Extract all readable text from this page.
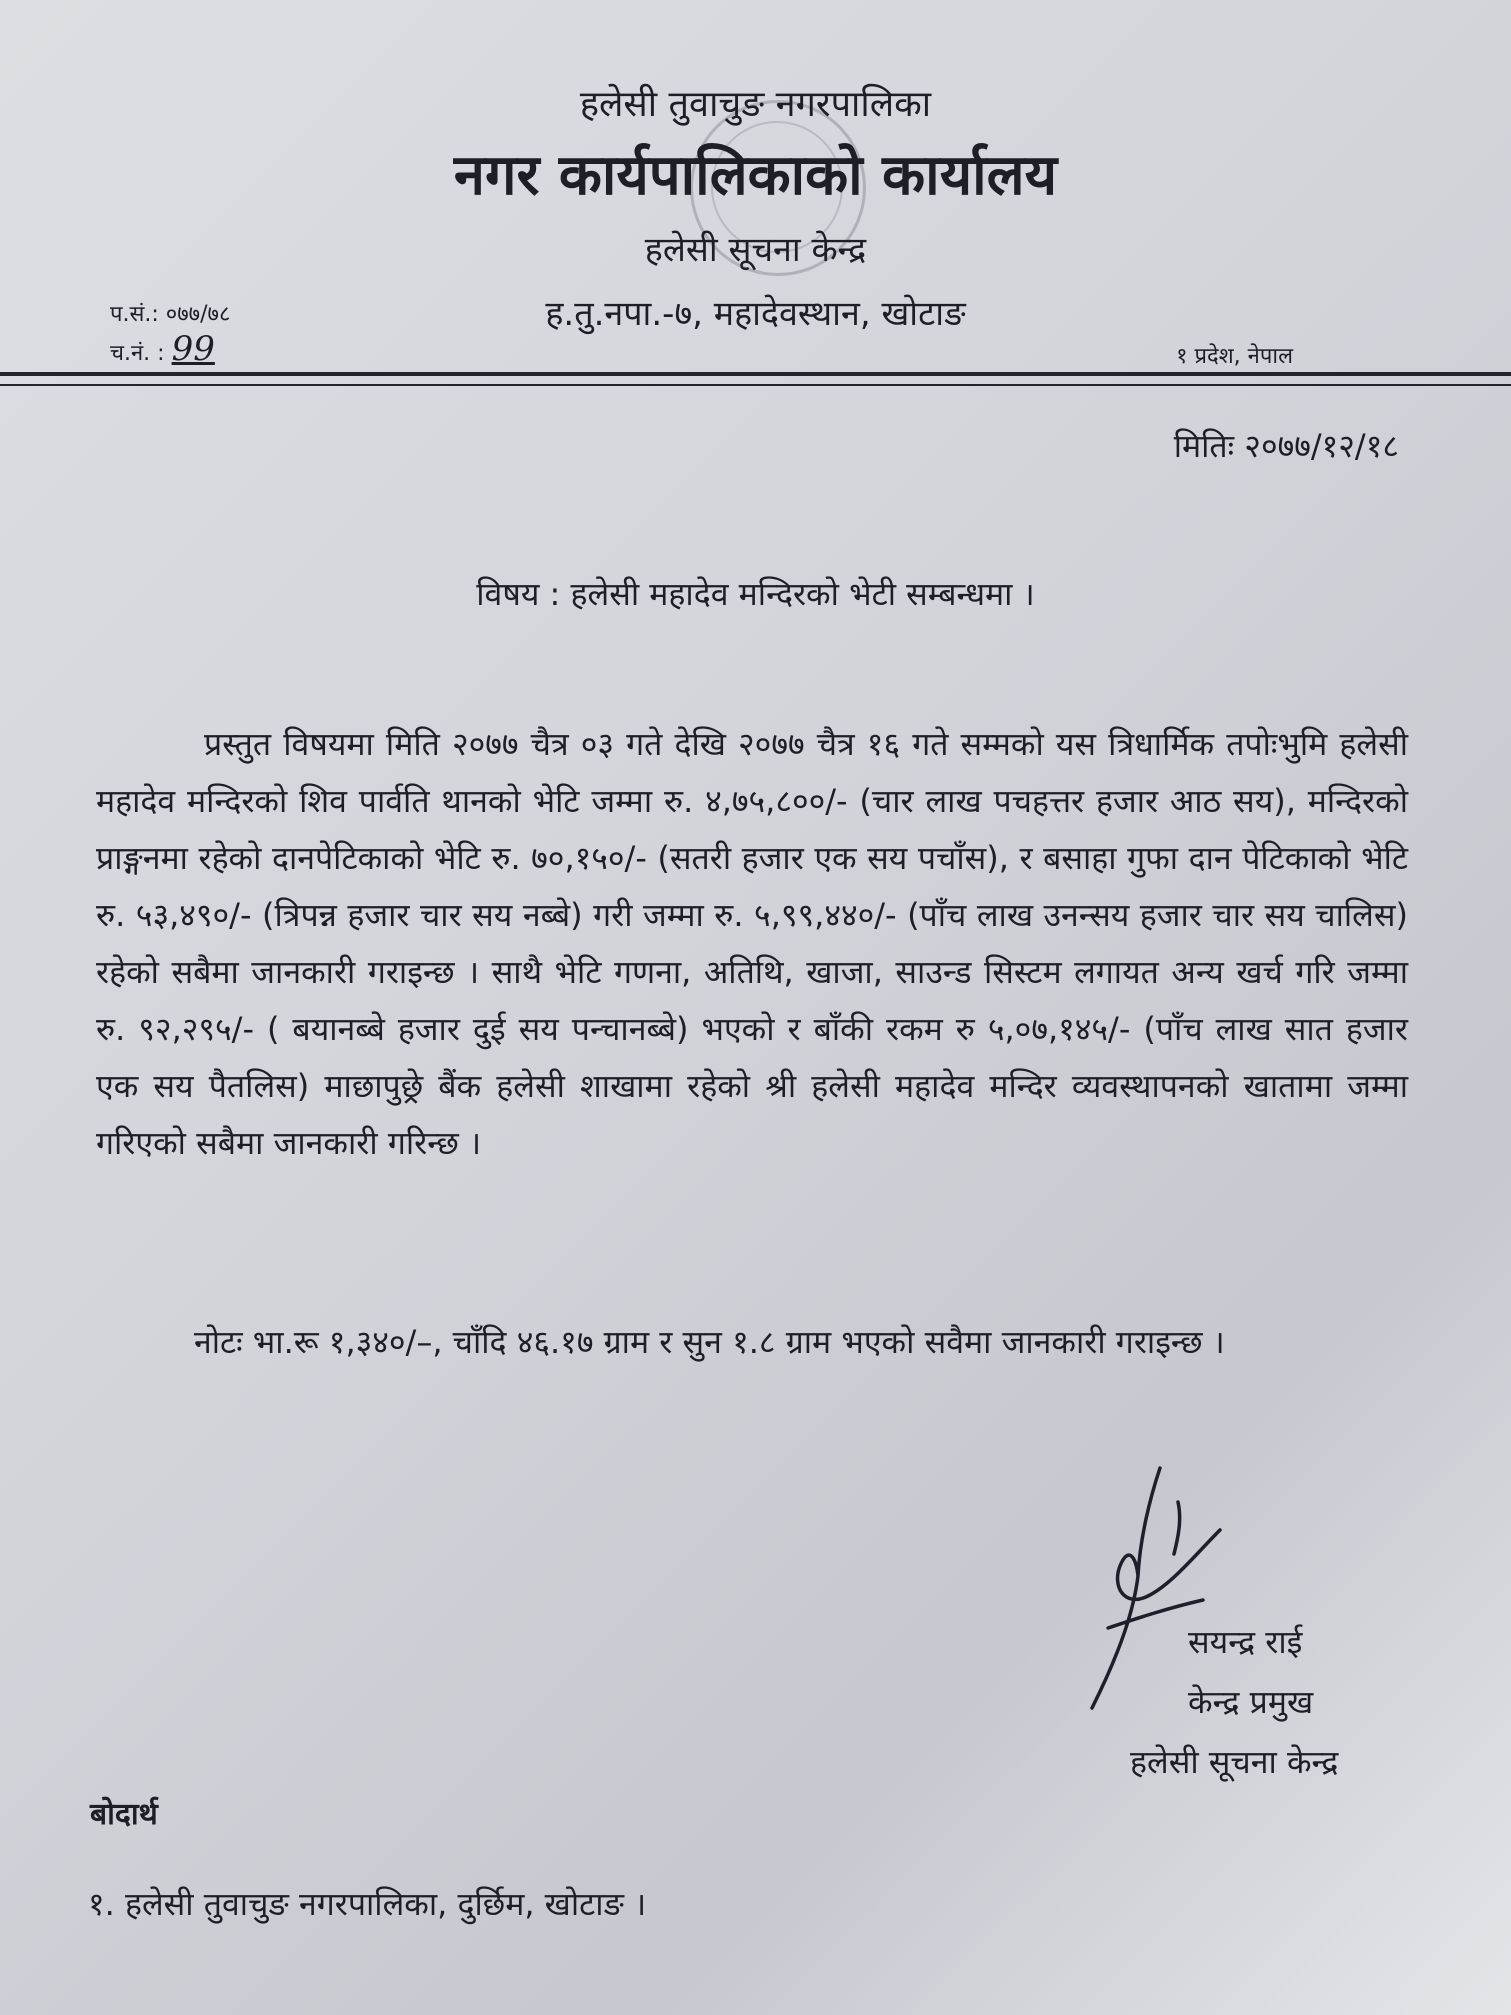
हलेसी तुवाचुङ नगरपालिका
नगर कार्यपालिकाको कार्यालय
हलेसी सूचना केन्द्र
ह.तु.नपा.-७, महादेवस्थान, खोटाङ
प.सं.: ०७७/७८
च.नं. : 99	१ प्रदेश, नेपाल
मितिः २०७७/१२/१८
विषय : हलेसी महादेव मन्दिरको भेटी सम्बन्धमा ।

प्रस्तुत विषयमा मिति २०७७ चैत्र ०३ गते देखि २०७७ चैत्र १६ गते सम्मको यस त्रिधार्मिक तपोःभुमि हलेसी महादेव मन्दिरको शिव पार्वति थानको भेटि जम्मा रु. ४,७५,८००/- (चार लाख पचहत्तर हजार आठ सय), मन्दिरको प्राङ्गनमा रहेको दानपेटिकाको भेटि रु. ७०,१५०/- (सतरी हजार एक सय पचाँस), र बसाहा गुफा दान पेटिकाको भेटि रु. ५३,४९०/- (त्रिपन्न हजार चार सय नब्बे) गरी जम्मा रु. ५,९९,४४०/- (पाँच लाख उनन्सय हजार चार सय चालिस) रहेको सबैमा जानकारी गराइन्छ । साथै भेटि गणना, अतिथि, खाजा, साउन्ड सिस्टम लगायत अन्य खर्च गरि जम्मा रु. ९२,२९५/- ( बयानब्बे हजार दुई सय पन्चानब्बे) भएको र बाँकी रकम रु ५,०७,१४५/- (पाँच लाख सात हजार एक सय पैतलिस) माछापुछ्रे बैंक हलेसी शाखामा रहेको श्री हलेसी महादेव मन्दिर व्यवस्थापनको खातामा जम्मा गरिएको सबैमा जानकारी गरिन्छ ।

नोटः भा.रू १,३४०/–, चाँदि ४६.१७ ग्राम र सुन १.८ ग्राम भएको सवैमा जानकारी गराइन्छ ।

सयन्द्र राई
केन्द्र प्रमुख
हलेसी सूचना केन्द्र
बोदार्थ
१. हलेसी तुवाचुङ नगरपालिका, दुर्छिम, खोटाङ ।
